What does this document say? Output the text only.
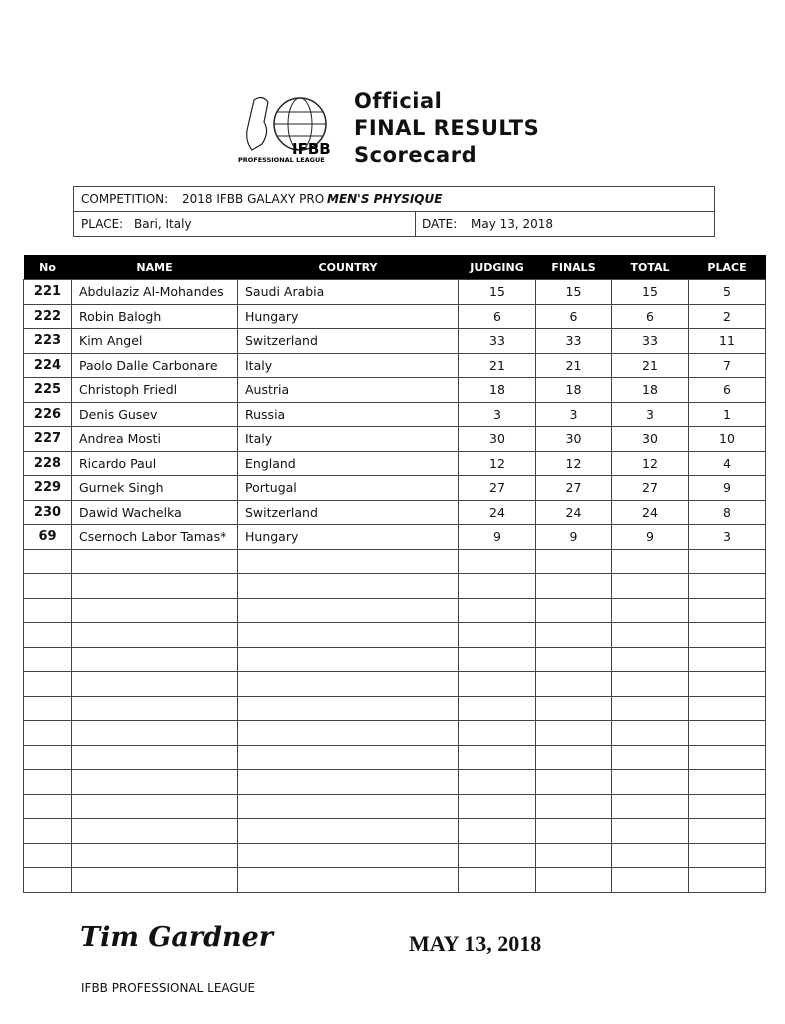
IFBB
PROFESSIONAL LEAGUE
Official
FINAL RESULTS
Scorecard
COMPETITION: 2018 IFBB GALAXY PRO MEN'S PHYSIQUE
PLACE: Bari, Italy	DATE: May 13, 2018
No	NAME	COUNTRY	JUDGING	FINALS	TOTAL	PLACE
221	Abdulaziz Al-Mohandes	Saudi Arabia	15	15	15	5
222	Robin Balogh	Hungary	6	6	6	2
223	Kim Angel	Switzerland	33	33	33	11
224	Paolo Dalle Carbonare	Italy	21	21	21	7
225	Christoph Friedl	Austria	18	18	18	6
226	Denis Gusev	Russia	3	3	3	1
227	Andrea Mosti	Italy	30	30	30	10
228	Ricardo Paul	England	12	12	12	4
229	Gurnek Singh	Portugal	27	27	27	9
230	Dawid Wachelka	Switzerland	24	24	24	8
69	Csernoch Labor Tamas*	Hungary	9	9	9	3

Tim Gardner	MAY 13, 2018
IFBB PROFESSIONAL LEAGUE
